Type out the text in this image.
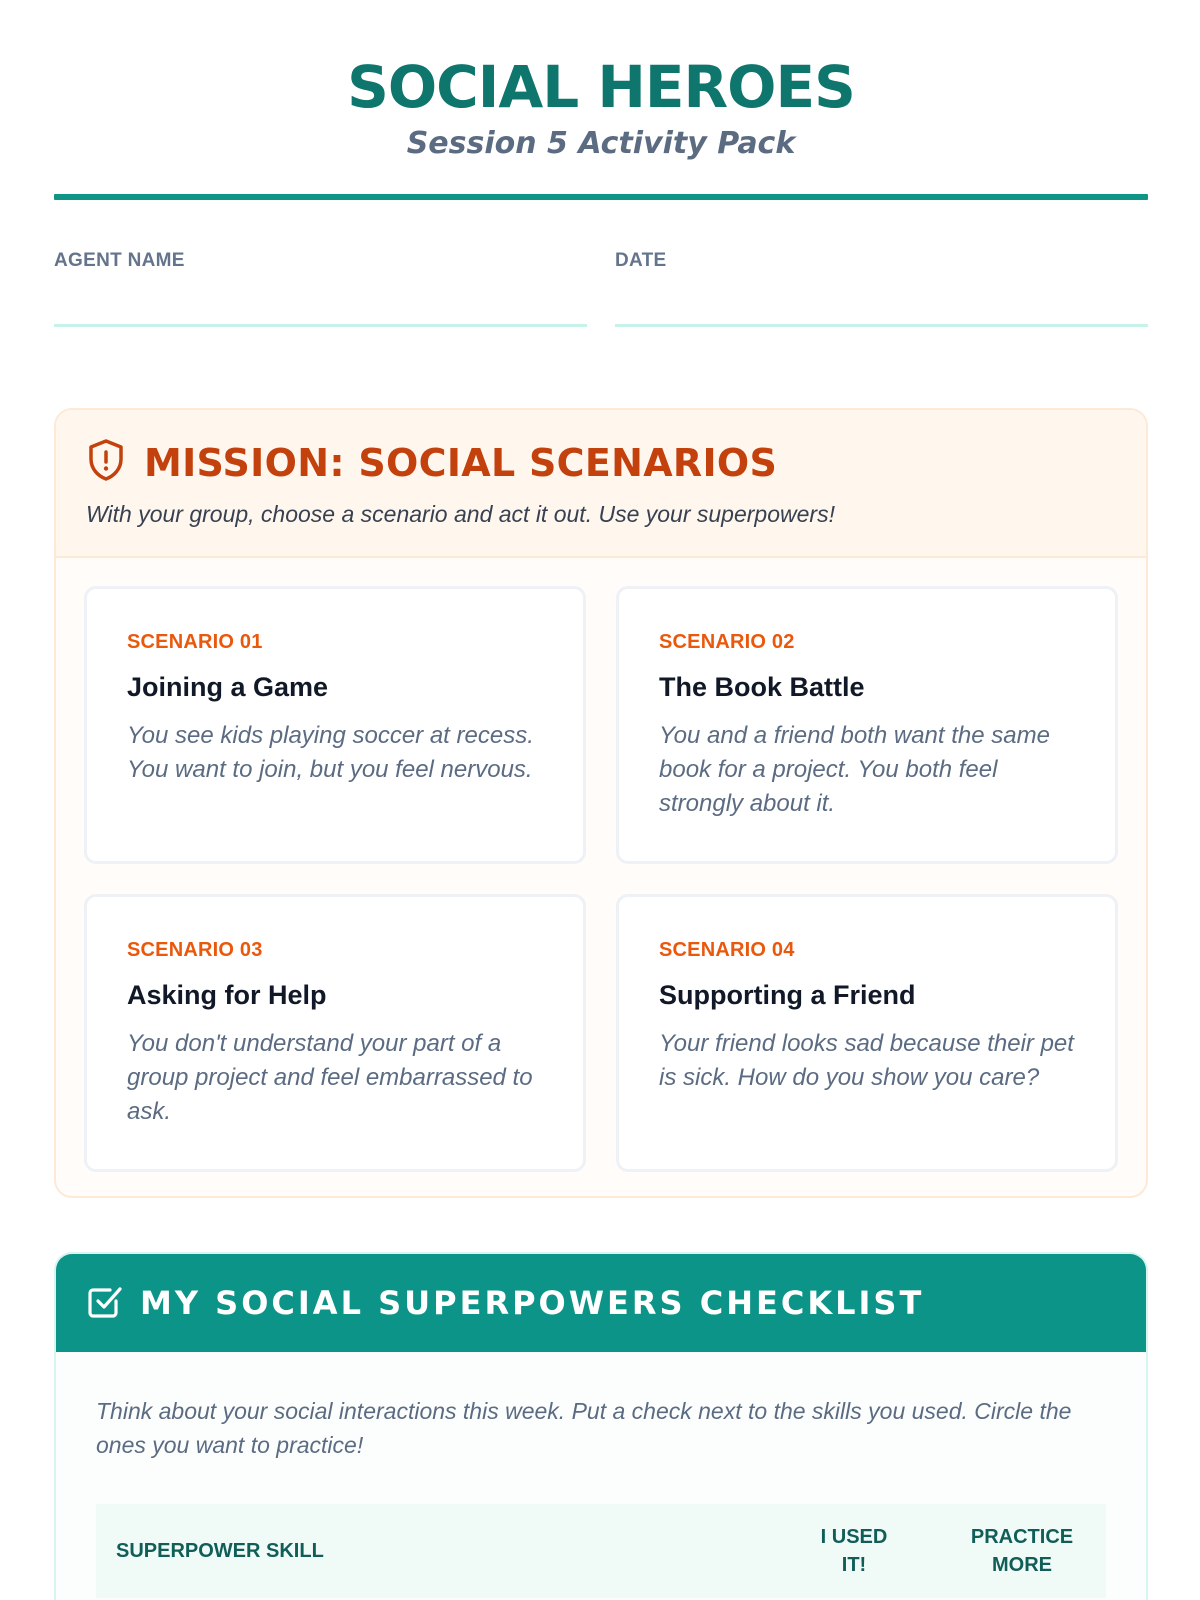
SOCIAL HEROES
Session 5 Activity Pack
AGENT NAME	DATE
MISSION: SOCIAL SCENARIOS
With your group, choose a scenario and act it out. Use your superpowers!
SCENARIO 01
Joining a Game
You see kids playing soccer at recess. You want to join, but you feel nervous.
SCENARIO 02
The Book Battle
You and a friend both want the same book for a project. You both feel strongly about it.
SCENARIO 03
Asking for Help
You don't understand your part of a group project and feel embarrassed to ask.
SCENARIO 04
Supporting a Friend
Your friend looks sad because their pet is sick. How do you show you care?
MY SOCIAL SUPERPOWERS CHECKLIST
Think about your social interactions this week. Put a check next to the skills you used. Circle the ones you want to practice!
SUPERPOWER SKILL
I USED
IT!
PRACTICE
MORE
